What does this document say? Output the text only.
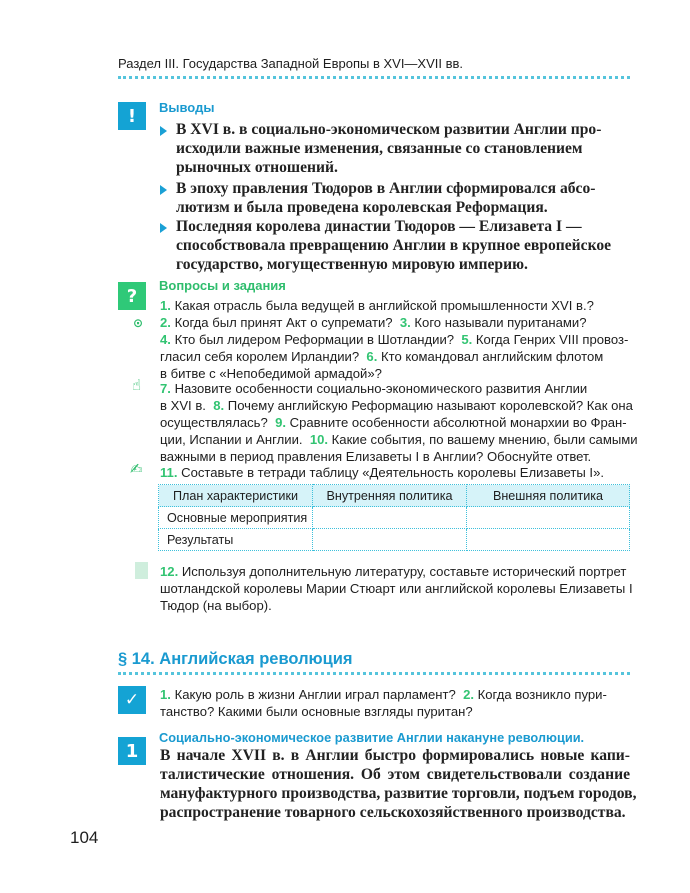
Раздел III. Государства Западной Европы в XVI—XVII вв.
!	Выводы
В XVI в. в социально-экономическом развитии Англии про-
исходили важные изменения, связанные со становлением
рыночных отношений.
В эпоху правления Тюдоров в Англии сформировался абсо-
лютизм и была проведена королевская Реформация.
Последняя королева династии Тюдоров — Елизавета I —
способствовала превращению Англии в крупное европейское
государство, могущественную мировую империю.
?	Вопросы и задания
1. Какая отрасль была ведущей в английской промышленности XVI в.?
⊙ 2. Когда был принят Акт о супремати? 3. Кого называли пуританами?
4. Кто был лидером Реформации в Шотландии? 5. Когда Генрих VIII провоз-
гласил себя королем Ирландии? 6. Кто командовал английским флотом
в битве с «Непобедимой армадой»?
☝ 7. Назовите особенности социально-экономического развития Англии
в XVI в. 8. Почему английскую Реформацию называют королевской? Как она
осуществлялась? 9. Сравните особенности абсолютной монархии во Фран-
ции, Испании и Англии. 10. Какие события, по вашему мнению, были самыми
важными в период правления Елизаветы I в Англии? Обоснуйте ответ.
✍ 11. Составьте в тетради таблицу «Деятельность королевы Елизаветы I».
План характеристики	Внутренняя политика	Внешняя политика
Основные мероприятия		
Результаты		
12. Используя дополнительную литературу, составьте исторический портрет
шотландской королевы Марии Стюарт или английской королевы Елизаветы I
Тюдор (на выбор).
§ 14. Английская революция
✓	1. Какую роль в жизни Англии играл парламент? 2. Когда возникло пури-
танство? Какими были основные взгляды пуритан?
1
Социально-экономическое развитие Англии накануне революции.
В начале XVII в. в Англии быстро формировались новые капи-
талистические отношения. Об этом свидетельствовали создание
мануфактурного производства, развитие торговли, подъем городов,
распространение товарного сельскохозяйственного производства.
104
